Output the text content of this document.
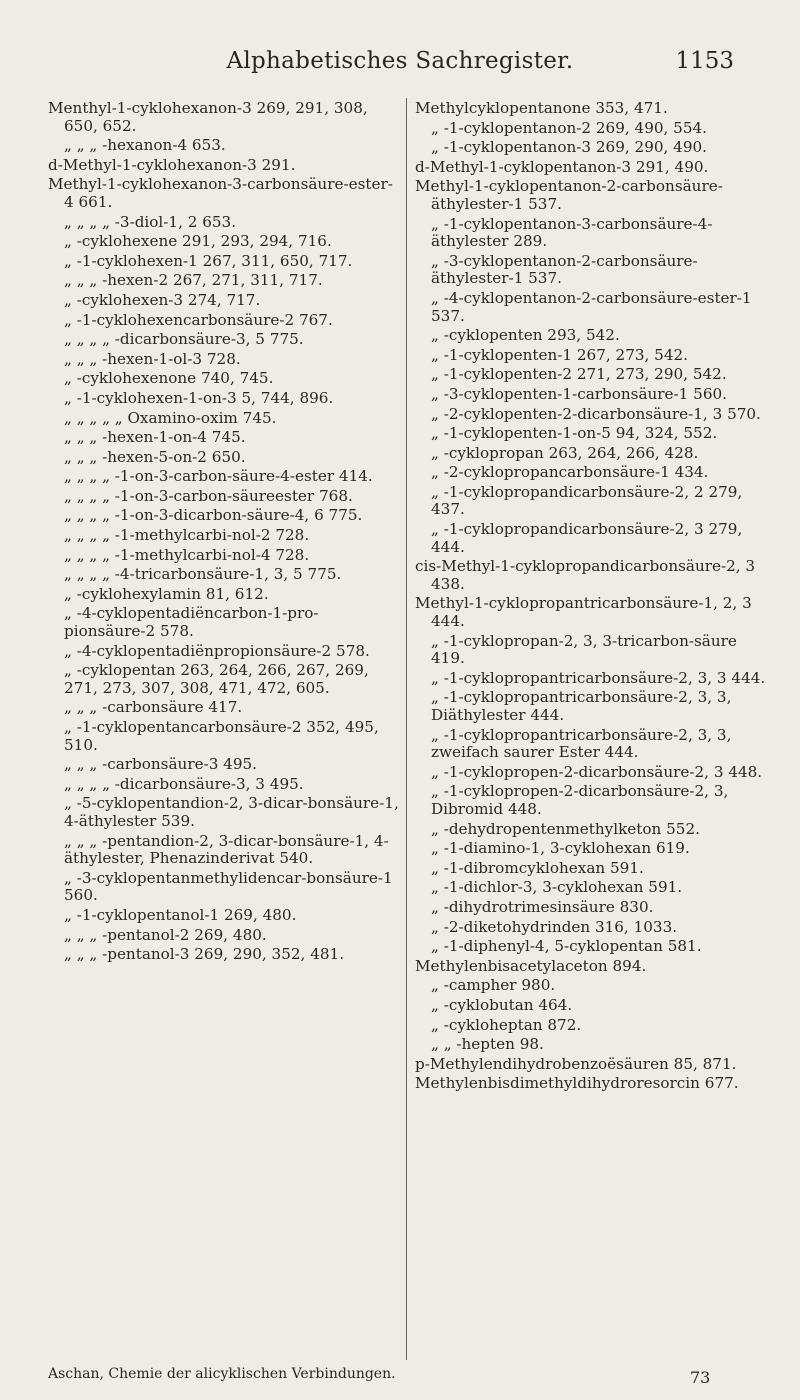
Alphabetisches Sachregister.	1153
Menthyl-1-cyklohexanon-3 269, 291, 308, 650, 652.
„ „ „ -hexanon-4 653.
d-Methyl-1-cyklohexanon-3 291.
Methyl-1-cyklohexanon-3-carbonsäure-ester-4 661.
„ „ „ „ -3-diol-1, 2 653.
„ -cyklohexene 291, 293, 294, 716.
„ -1-cyklohexen-1 267, 311, 650, 717.
„ „ „ -hexen-2 267, 271, 311, 717.
„ -cyklohexen-3 274, 717.
„ -1-cyklohexencarbonsäure-2 767.
„ „ „ „ -dicarbonsäure-3, 5 775.
„ „ „ -hexen-1-ol-3 728.
„ -cyklohexenone 740, 745.
„ -1-cyklohexen-1-on-3 5, 744, 896.
„ „ „ „ „ Oxamino-oxim 745.
„ „ „ -hexen-1-on-4 745.
„ „ „ -hexen-5-on-2 650.
„ „ „ „ -1-on-3-carbon-säure-4-ester 414.
„ „ „ „ -1-on-3-carbon-säureester 768.
„ „ „ „ -1-on-3-dicarbon-säure-4, 6 775.
„ „ „ „ -1-methylcarbi-nol-2 728.
„ „ „ „ -1-methylcarbi-nol-4 728.
„ „ „ „ -4-tricarbonsäure-1, 3, 5 775.
„ -cyklohexylamin 81, 612.
„ -4-cyklopentadiëncarbon-1-pro-pionsäure-2 578.
„ -4-cyklopentadiënpropionsäure-2 578.
„ -cyklopentan 263, 264, 266, 267, 269, 271, 273, 307, 308, 471, 472, 605.
„ „ „ -carbonsäure 417.
„ -1-cyklopentancarbonsäure-2 352, 495, 510.
„ „ „ -carbonsäure-3 495.
„ „ „ „ -dicarbonsäure-3, 3 495.
„ -5-cyklopentandion-2, 3-dicar-bonsäure-1, 4-äthylester 539.
„ „ „ -pentandion-2, 3-dicar-bonsäure-1, 4-äthylester, Phenazinderivat 540.
„ -3-cyklopentanmethylidencar-bonsäure-1 560.
„ -1-cyklopentanol-1 269, 480.
„ „ „ -pentanol-2 269, 480.
„ „ „ -pentanol-3 269, 290, 352, 481.
Methylcyklopentanone 353, 471.
„ -1-cyklopentanon-2 269, 490, 554.
„ -1-cyklopentanon-3 269, 290, 490.
d-Methyl-1-cyklopentanon-3 291, 490.
Methyl-1-cyklopentanon-2-carbonsäure-äthylester-1 537.
„ -1-cyklopentanon-3-carbonsäure-4-äthylester 289.
„ -3-cyklopentanon-2-carbonsäure-äthylester-1 537.
„ -4-cyklopentanon-2-carbonsäure-ester-1 537.
„ -cyklopenten 293, 542.
„ -1-cyklopenten-1 267, 273, 542.
„ -1-cyklopenten-2 271, 273, 290, 542.
„ -3-cyklopenten-1-carbonsäure-1 560.
„ -2-cyklopenten-2-dicarbonsäure-1, 3 570.
„ -1-cyklopenten-1-on-5 94, 324, 552.
„ -cyklopropan 263, 264, 266, 428.
„ -2-cyklopropancarbonsäure-1 434.
„ -1-cyklopropandicarbonsäure-2, 2 279, 437.
„ -1-cyklopropandicarbonsäure-2, 3 279, 444.
cis-Methyl-1-cyklopropandicarbonsäure-2, 3 438.
Methyl-1-cyklopropantricarbonsäure-1, 2, 3 444.
„ -1-cyklopropan-2, 3, 3-tricarbon-säure 419.
„ -1-cyklopropantricarbonsäure-2, 3, 3 444.
„ -1-cyklopropantricarbonsäure-2, 3, 3, Diäthylester 444.
„ -1-cyklopropantricarbonsäure-2, 3, 3, zweifach saurer Ester 444.
„ -1-cyklopropen-2-dicarbonsäure-2, 3 448.
„ -1-cyklopropen-2-dicarbonsäure-2, 3, Dibromid 448.
„ -dehydropentenmethylketon 552.
„ -1-diamino-1, 3-cyklohexan 619.
„ -1-dibromcyklohexan 591.
„ -1-dichlor-3, 3-cyklohexan 591.
„ -dihydrotrimesinsäure 830.
„ -2-diketohydrinden 316, 1033.
„ -1-diphenyl-4, 5-cyklopentan 581.
Methylenbisacetylaceton 894.
„ -campher 980.
„ -cyklobutan 464.
„ -cykloheptan 872.
„ „ -hepten 98.
p-Methylendihydrobenzoësäuren 85, 871.
Methylenbisdimethyldihydroresorcin 677.
Aschan, Chemie der alicyklischen Verbindungen.	73
